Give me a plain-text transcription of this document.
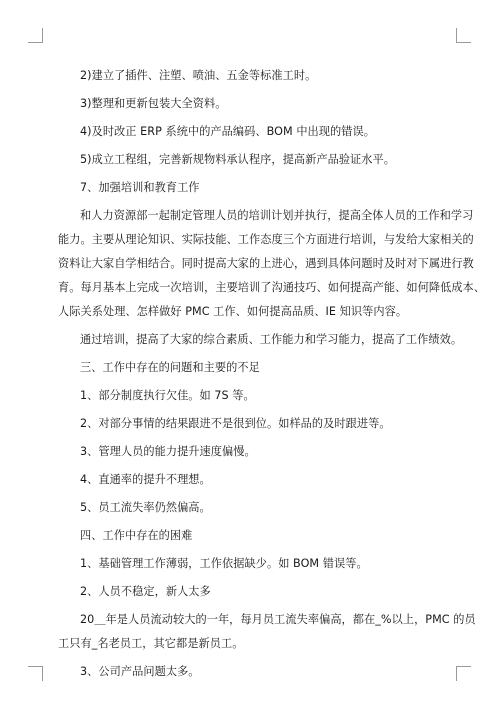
2)建立了插件、注塑、喷油、五金等标准工时。
3)整理和更新包装大全资料。
4)及时改正 ERP 系统中的产品编码、BOM 中出现的错误。
5)成立工程组，完善新规物料承认程序，提高新产品验证水平。
7、加强培训和教育工作
和人力资源部一起制定管理人员的培训计划并执行，提高全体人员的工作和学习
能力。主要从理论知识、实际技能、工作态度三个方面进行培训，与发给大家相关的
资料让大家自学相结合。同时提高大家的上进心，遇到具体问题时及时对下属进行教
育。每月基本上完成一次培训，主要培训了沟通技巧、如何提高产能、如何降低成本、
人际关系处理、怎样做好 PMC 工作、如何提高品质、IE 知识等内容。
通过培训，提高了大家的综合素质、工作能力和学习能力，提高了工作绩效。
三、工作中存在的问题和主要的不足
1、部分制度执行欠佳。如 7S 等。
2、对部分事情的结果跟进不是很到位。如样品的及时跟进等。
3、管理人员的能力提升速度偏慢。
4、直通率的提升不理想。
5、员工流失率仍然偏高。
四、工作中存在的困难
1、基础管理工作薄弱，工作依据缺少。如 BOM 错误等。
2、人员不稳定，新人太多
20＿年是人员流动较大的一年，每月员工流失率偏高，都在_%以上，PMC 的员
工只有_名老员工，其它都是新员工。
3、公司产品问题太多。
